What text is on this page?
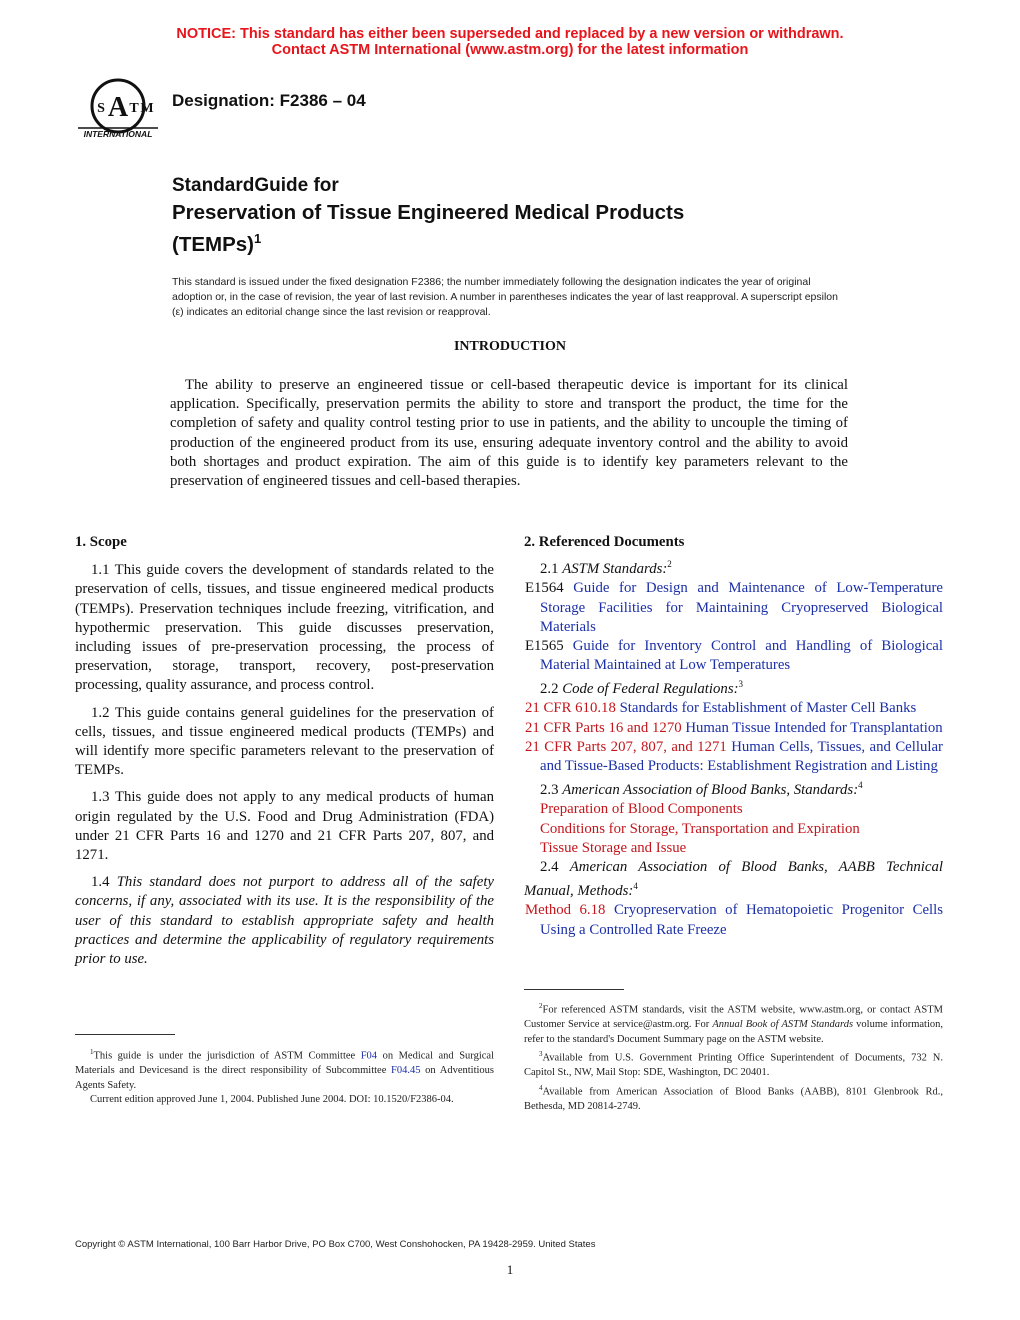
NOTICE: This standard has either been superseded and replaced by a new version or withdrawn.
Contact ASTM International (www.astm.org) for the latest information
A
S T M
INTERNATIONAL
Designation: F2386 – 04
StandardGuide for
Preservation of Tissue Engineered Medical Products
(TEMPs)$^1$
This standard is issued under the fixed designation F2386; the number immediately following the designation indicates the year of original adoption or, in the case of revision, the year of last revision. A number in parentheses indicates the year of last reapproval. A superscript epsilon (ε) indicates an editorial change since the last revision or reapproval.
INTRODUCTION
The ability to preserve an engineered tissue or cell-based therapeutic device is important for its clinical application. Specifically, preservation permits the ability to store and transport the product, the time for the completion of safety and quality control testing prior to use in patients, and the ability to uncouple the timing of production of the engineered product from its use, ensuring adequate inventory control and the ability to avoid both shortages and product expiration. The aim of this guide is to identify key parameters relevant to the preservation of engineered tissues and cell-based therapies.

1. Scope

1.1 This guide covers the development of standards related to the preservation of cells, tissues, and tissue engineered medical products (TEMPs). Preservation techniques include freezing, vitrification, and hypothermic preservation. This guide discusses preservation, including issues of pre-preservation processing, the process of preservation, storage, transport, recovery, post-preservation processing, quality assurance, and process control.

1.2 This guide contains general guidelines for the preservation of cells, tissues, and tissue engineered medical products (TEMPs) and will identify more specific parameters relevant to the preservation of TEMPs.

1.3 This guide does not apply to any medical products of human origin regulated by the U.S. Food and Drug Administration (FDA) under 21 CFR Parts 16 and 1270 and 21 CFR Parts 207, 807, and 1271.

1.4 This standard does not purport to address all of the safety concerns, if any, associated with its use. It is the responsibility of the user of this standard to establish appropriate safety and health practices and determine the applicability of regulatory requirements prior to use.

2. Referenced Documents

2.1 ASTM Standards:$^2$

E1564 Guide for Design and Maintenance of Low-Temperature Storage Facilities for Maintaining Cryopreserved Biological Materials

E1565 Guide for Inventory Control and Handling of Biological Material Maintained at Low Temperatures

2.2 Code of Federal Regulations:$^3$

21 CFR 610.18 Standards for Establishment of Master Cell Banks

21 CFR Parts 16 and 1270 Human Tissue Intended for Transplantation

21 CFR Parts 207, 807, and 1271 Human Cells, Tissues, and Cellular and Tissue-Based Products: Establishment Registration and Listing

2.3 American Association of Blood Banks, Standards:$^4$

Preparation of Blood Components

Conditions for Storage, Transportation and Expiration

Tissue Storage and Issue

2.4 American Association of Blood Banks, AABB Technical Manual, Methods:$^4$

Method 6.18 Cryopreservation of Hematopoietic Progenitor Cells Using a Controlled Rate Freeze

$^1$This guide is under the jurisdiction of ASTM Committee F04 on Medical and Surgical Materials and Devicesand is the direct responsibility of Subcommittee F04.45 on Adventitious Agents Safety.

Current edition approved June 1, 2004. Published June 2004. DOI: 10.1520/F2386-04.

$^2$For referenced ASTM standards, visit the ASTM website, www.astm.org, or contact ASTM Customer Service at service@astm.org. For Annual Book of ASTM Standards volume information, refer to the standard's Document Summary page on the ASTM website.

$^3$Available from U.S. Government Printing Office Superintendent of Documents, 732 N. Capitol St., NW, Mail Stop: SDE, Washington, DC 20401.

$^4$Available from American Association of Blood Banks (AABB), 8101 Glenbrook Rd., Bethesda, MD 20814-2749.

Copyright © ASTM International, 100 Barr Harbor Drive, PO Box C700, West Conshohocken, PA 19428-2959. United States
1
